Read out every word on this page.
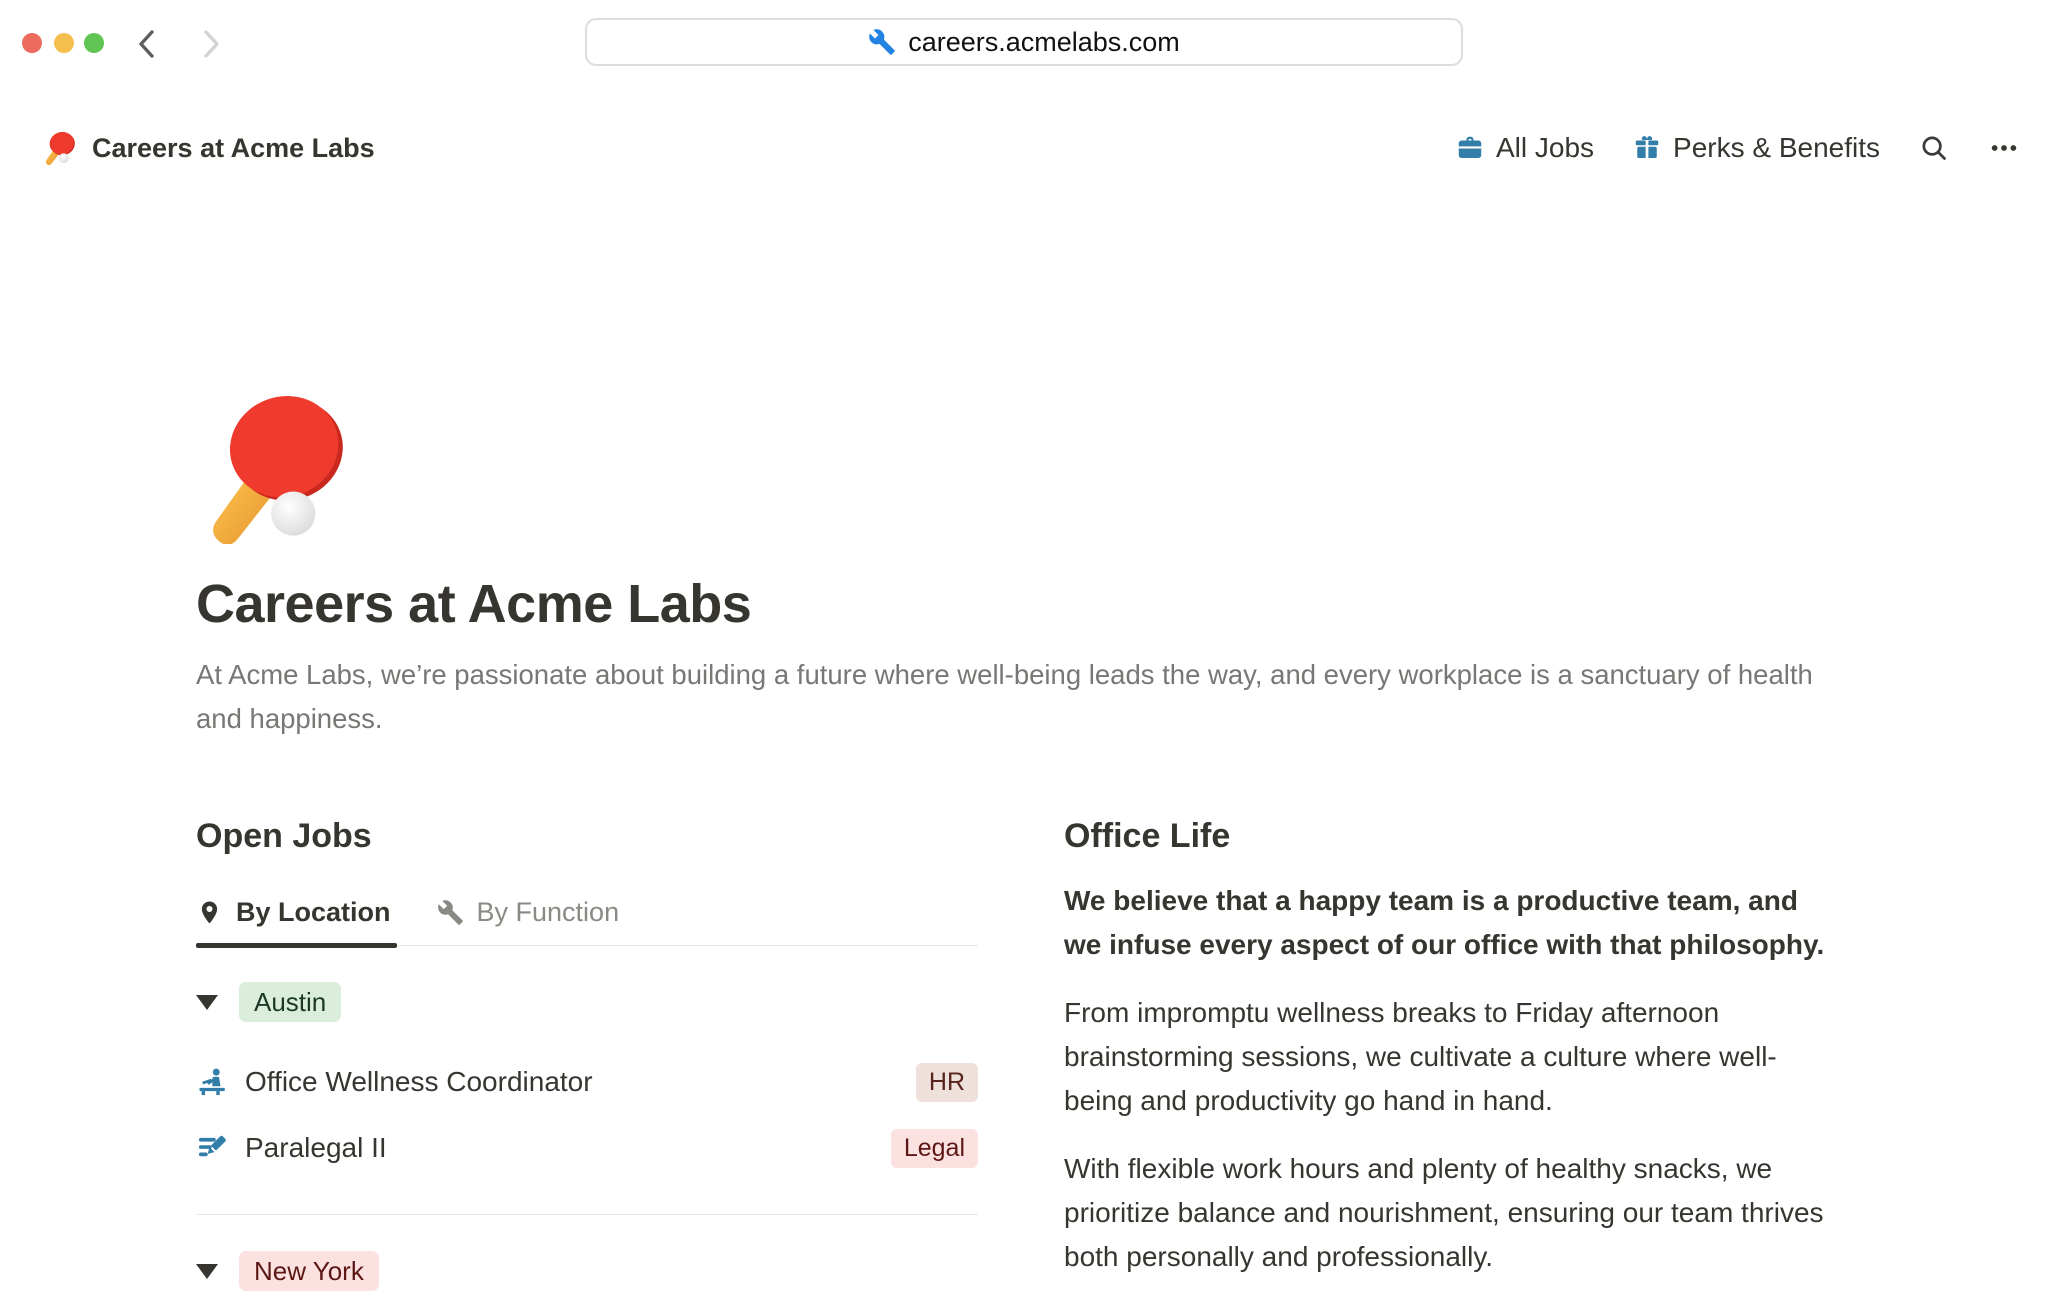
careers.acmelabs.com
Careers at Acme Labs	All Jobs	Perks & Benefits
Careers at Acme Labs

At Acme Labs, we’re passionate about building a future where well-being leads the way, and every workplace is a sanctuary of health and happiness.

Open Jobs
By Location	By Function
Austin
Office Wellness Coordinator	HR
Paralegal II	Legal
New York
Office Life

We believe that a happy team is a productive team, and we infuse every aspect of our office with that philosophy.

From impromptu wellness breaks to Friday afternoon brainstorming sessions, we cultivate a culture where well-being and productivity go hand in hand.

With flexible work hours and plenty of healthy snacks, we prioritize balance and nourishment, ensuring our team thrives both personally and professionally.
